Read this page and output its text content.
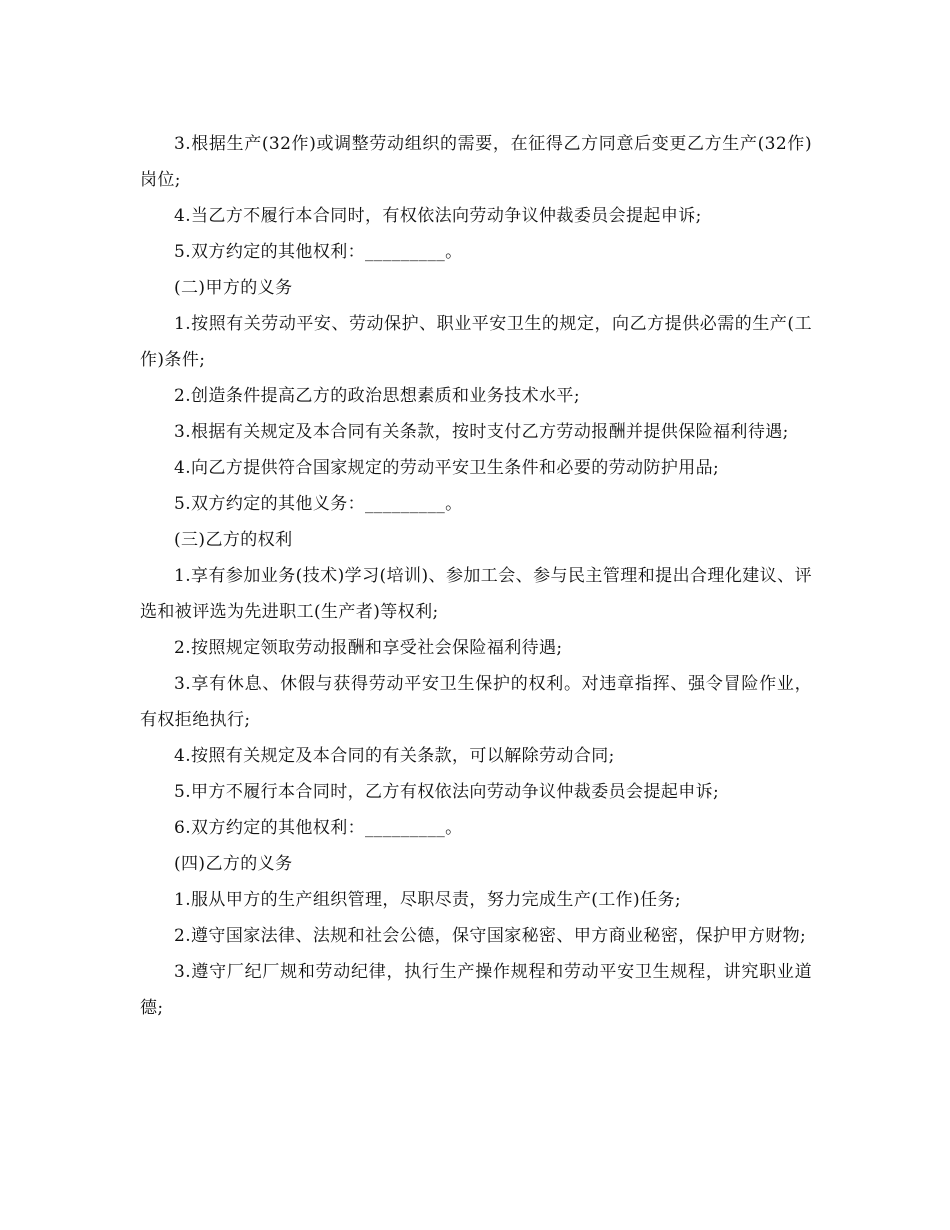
3.根据生产(32作)或调整劳动组织的需要，在征得乙方同意后变更乙方生产(32作)岗位;

4.当乙方不履行本合同时，有权依法向劳动争议仲裁委员会提起申诉;

5.双方约定的其他权利：_________。

(二)甲方的义务

1.按照有关劳动平安、劳动保护、职业平安卫生的规定，向乙方提供必需的生产(工作)条件;

2.创造条件提高乙方的政治思想素质和业务技术水平;

3.根据有关规定及本合同有关条款，按时支付乙方劳动报酬并提供保险福利待遇;

4.向乙方提供符合国家规定的劳动平安卫生条件和必要的劳动防护用品;

5.双方约定的其他义务：_________。

(三)乙方的权利

1.享有参加业务(技术)学习(培训)、参加工会、参与民主管理和提出合理化建议、评选和被评选为先进职工(生产者)等权利;

2.按照规定领取劳动报酬和享受社会保险福利待遇;

3.享有休息、休假与获得劳动平安卫生保护的权利。对违章指挥、强令冒险作业，有权拒绝执行;

4.按照有关规定及本合同的有关条款，可以解除劳动合同;

5.甲方不履行本合同时，乙方有权依法向劳动争议仲裁委员会提起申诉;

6.双方约定的其他权利：_________。

(四)乙方的义务

1.服从甲方的生产组织管理，尽职尽责，努力完成生产(工作)任务;

2.遵守国家法律、法规和社会公德，保守国家秘密、甲方商业秘密，保护甲方财物;

3.遵守厂纪厂规和劳动纪律，执行生产操作规程和劳动平安卫生规程，讲究职业道德;
